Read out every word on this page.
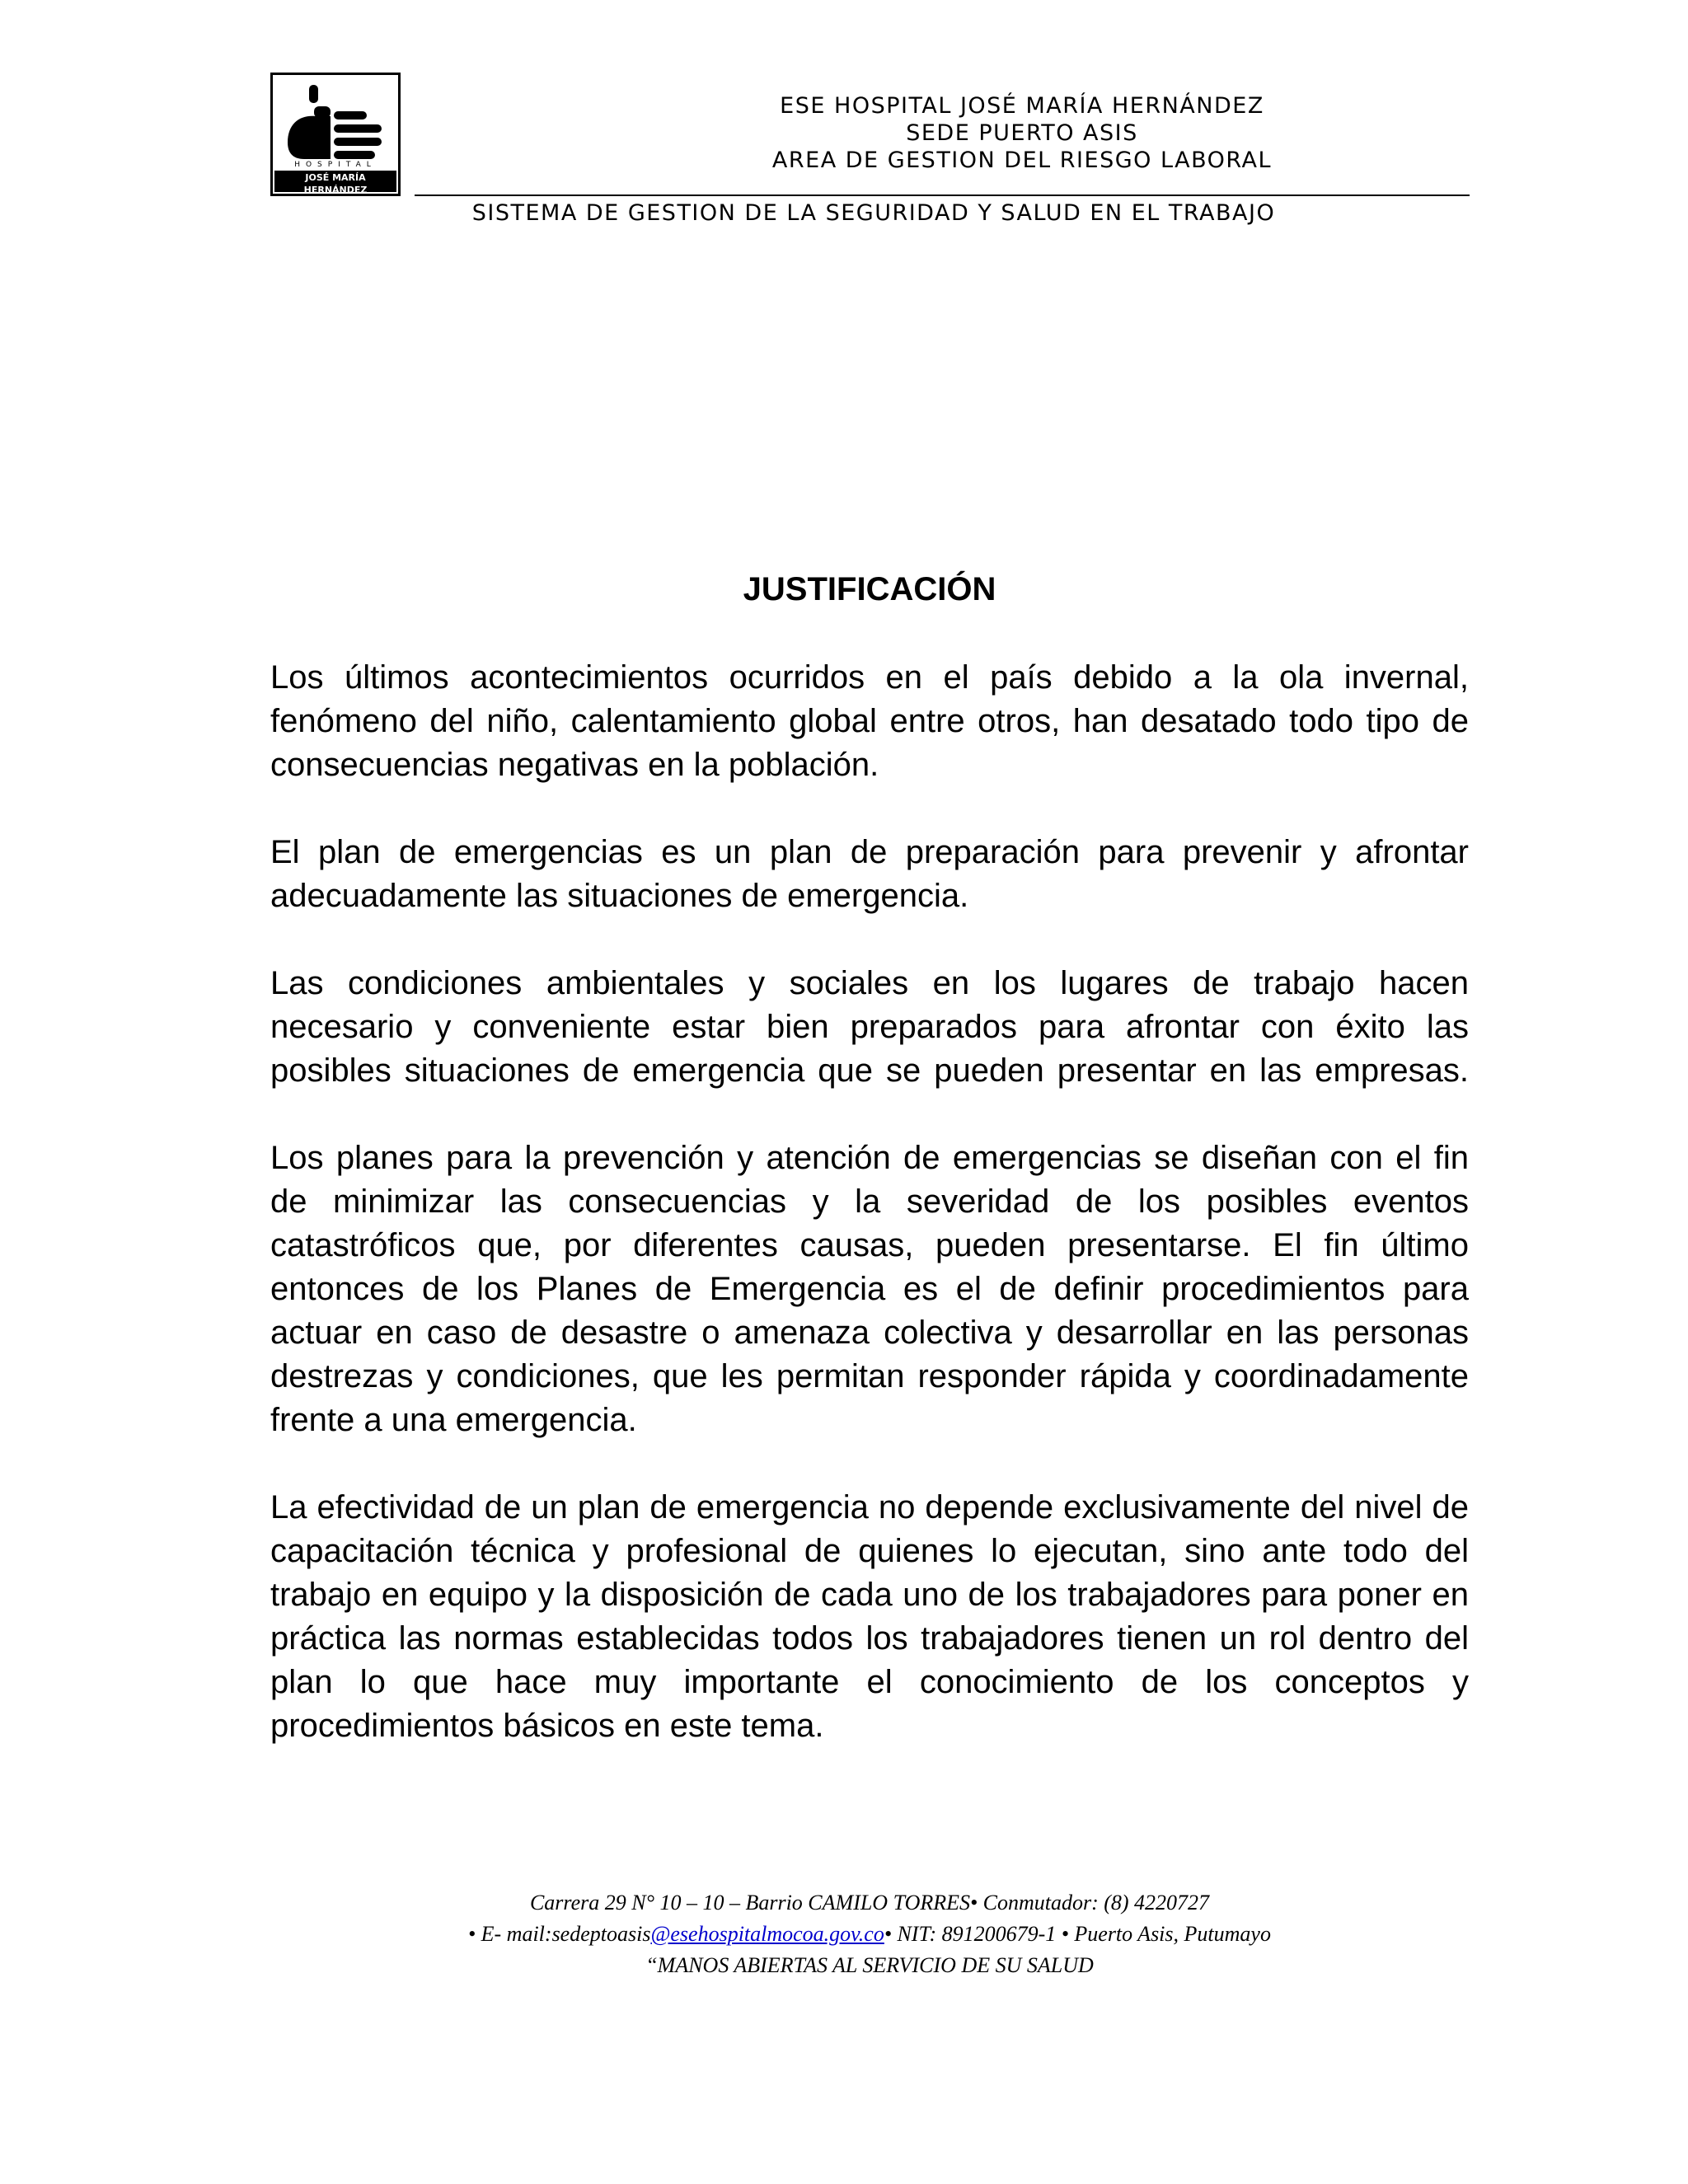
HOSPITAL
JOSÉ MARÍA HERNÁNDEZ
EMPRESA SOCIAL DEL ESTADO
ESE HOSPITAL JOSÉ MARÍA HERNÁNDEZ
SEDE PUERTO ASIS
AREA DE GESTION DEL RIESGO LABORAL
SISTEMA DE GESTION DE LA SEGURIDAD Y SALUD EN EL TRABAJO
JUSTIFICACIÓN

Los últimos acontecimientos ocurridos en el país debido a la ola invernal, fenómeno del niño, calentamiento global entre otros, han desatado todo tipo de consecuencias negativas en la población.

El plan de emergencias es un plan de preparación para prevenir y afrontar adecuadamente las situaciones de emergencia.

Las condiciones ambientales y sociales en los lugares de trabajo hacen necesario y conveniente estar bien preparados para afrontar con éxito las posibles situaciones de emergencia que se pueden presentar en las empresas.

Los planes para la prevención y atención de emergencias se diseñan con el fin de minimizar las consecuencias y la severidad de los posibles eventos catastróficos que, por diferentes causas, pueden presentarse. El fin último entonces de los Planes de Emergencia es el de definir procedimientos para actuar en caso de desastre o amenaza colectiva y desarrollar en las personas destrezas y condiciones, que les permitan responder rápida y coordinadamente frente a una emergencia.

La efectividad de un plan de emergencia no depende exclusivamente del nivel de capacitación técnica y profesional de quienes lo ejecutan, sino ante todo del trabajo en equipo y la disposición de cada uno de los trabajadores para poner en práctica las normas establecidas todos los trabajadores tienen un rol dentro del plan lo que hace muy importante el conocimiento de los conceptos y procedimientos básicos en este tema.

Carrera 29 N° 10 – 10 – Barrio CAMILO TORRES• Conmutador: (8) 4220727
• E- mail:sedeptoasis@esehospitalmocoa.gov.co• NIT: 891200679-1 • Puerto Asis, Putumayo
“MANOS ABIERTAS AL SERVICIO DE SU SALUD
